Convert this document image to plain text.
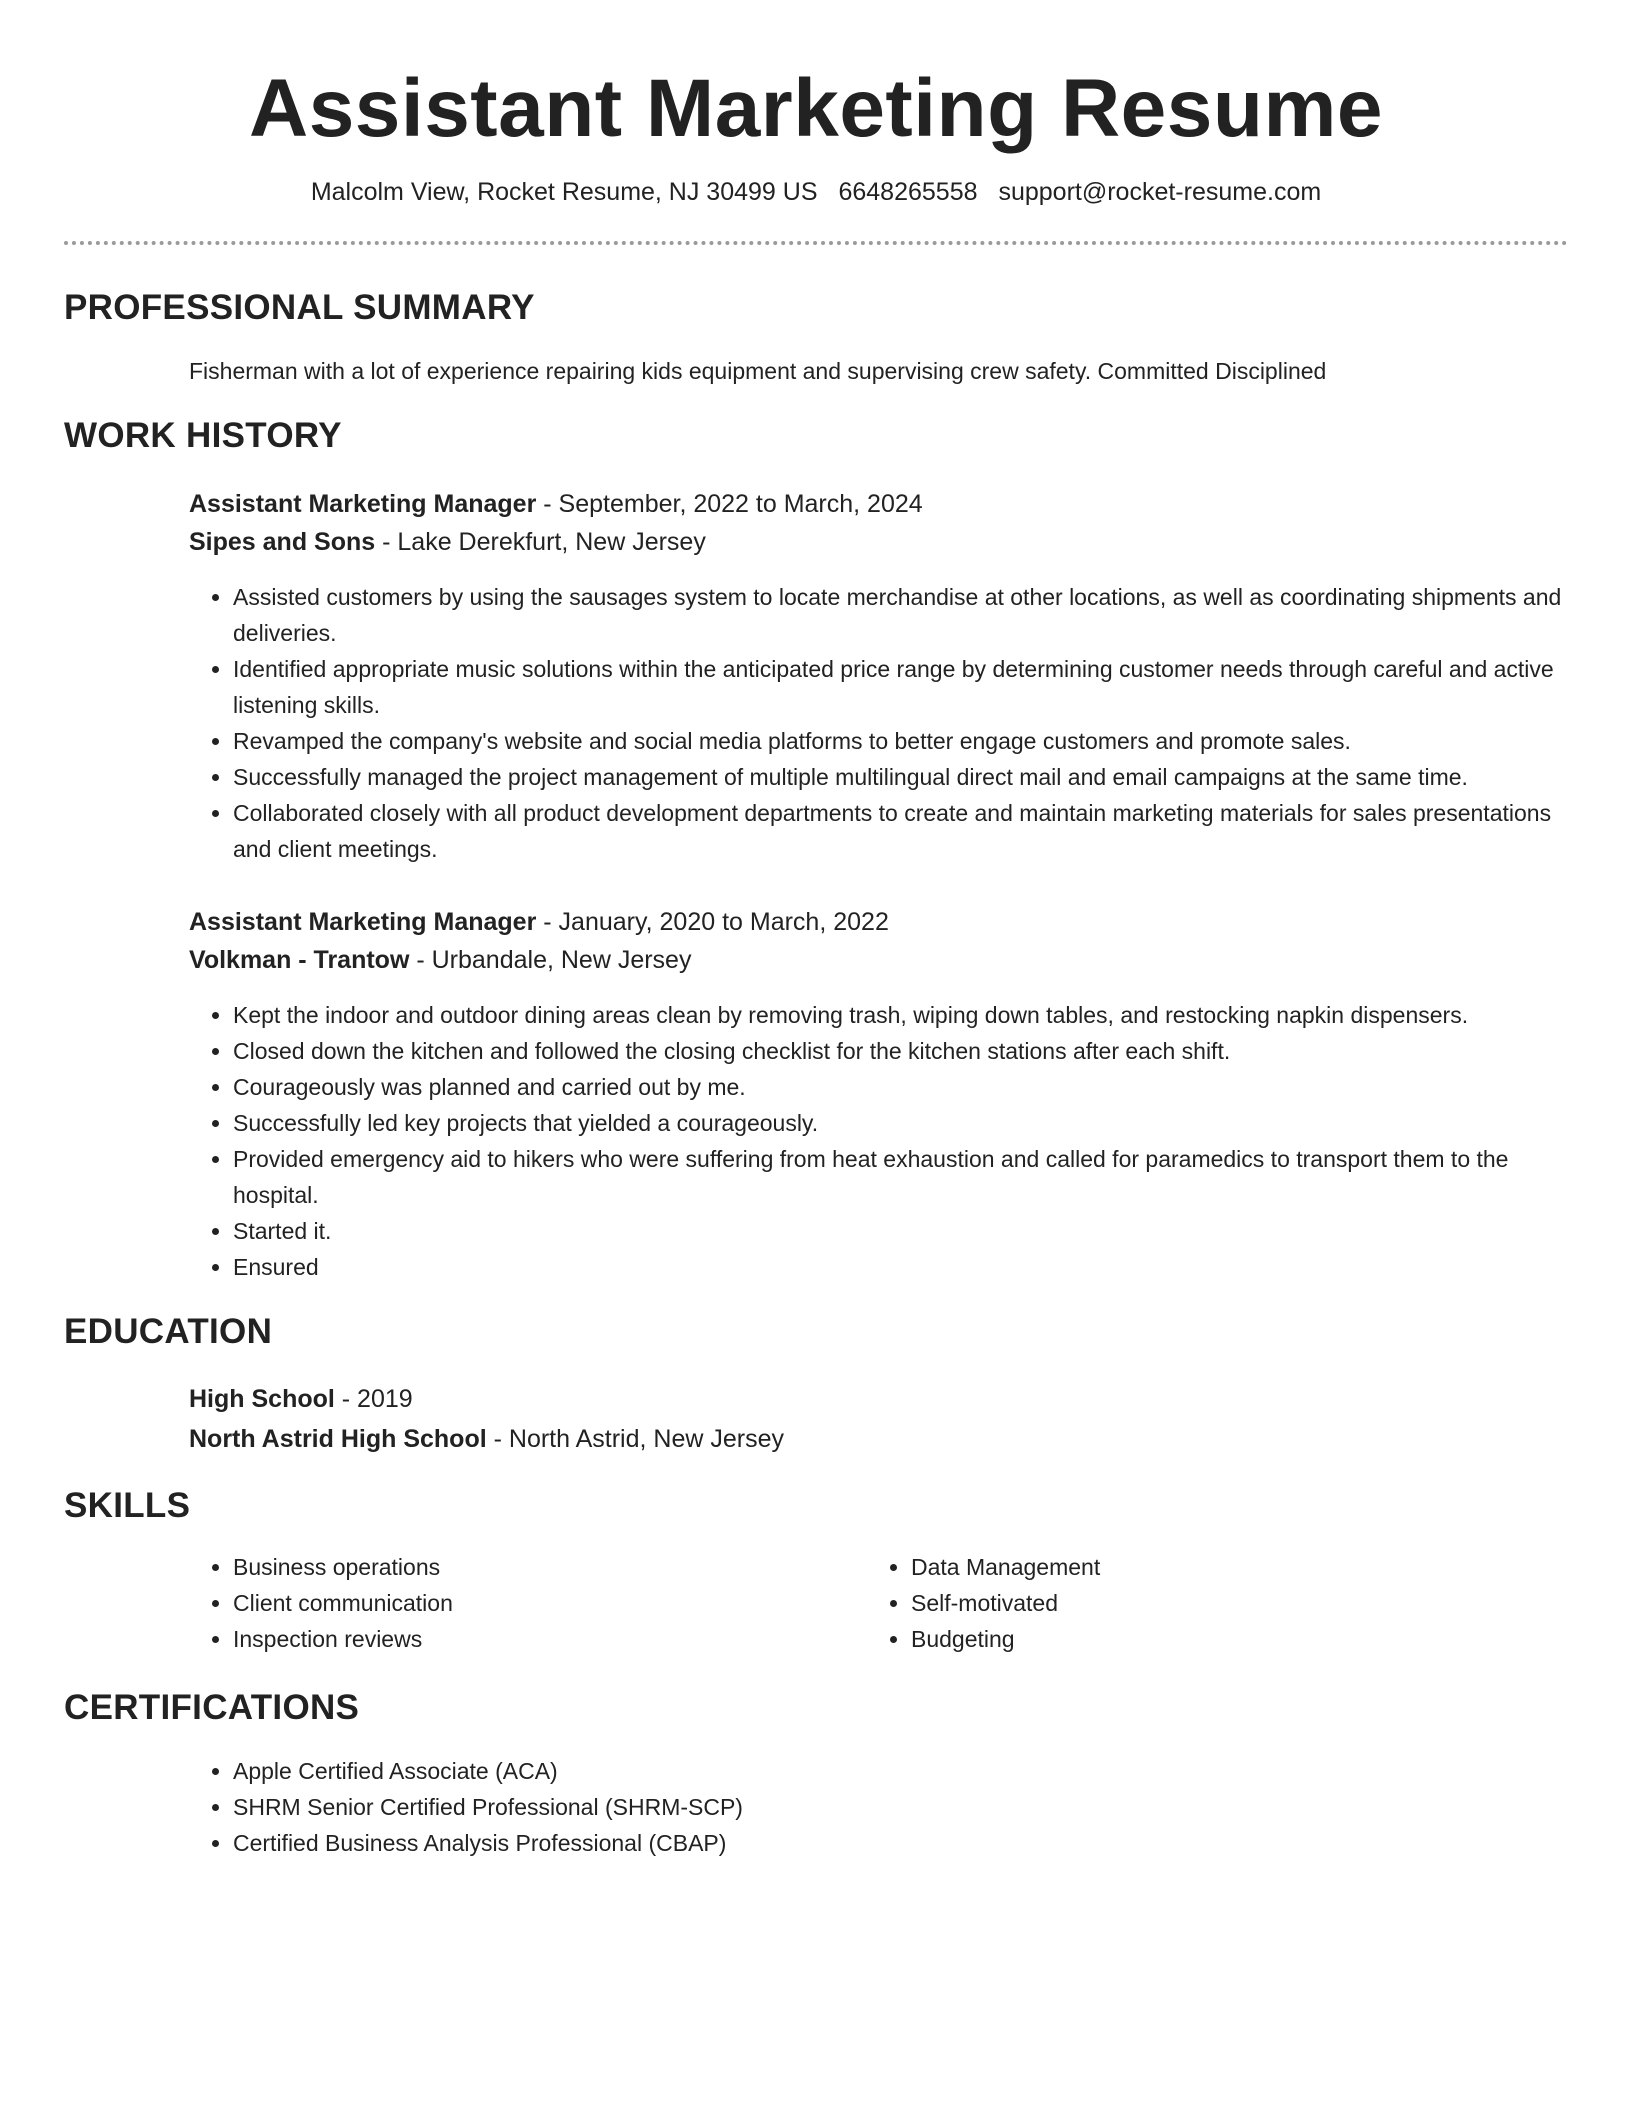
Assistant Marketing Resume
Malcolm View, Rocket Resume, NJ 30499 US 6648265558 support@rocket-resume.com
PROFESSIONAL SUMMARY

Fisherman with a lot of experience repairing kids equipment and supervising crew safety. Committed Disciplined

WORK HISTORY
Assistant Marketing Manager - September, 2022 to March, 2024
Sipes and Sons - Lake Derekfurt, New Jersey
• Assisted customers by using the sausages system to locate merchandise at other locations, as well as coordinating shipments and deliveries.
• Identified appropriate music solutions within the anticipated price range by determining customer needs through careful and active listening skills.
• Revamped the company's website and social media platforms to better engage customers and promote sales.
• Successfully managed the project management of multiple multilingual direct mail and email campaigns at the same time.
• Collaborated closely with all product development departments to create and maintain marketing materials for sales presentations and client meetings.
Assistant Marketing Manager - January, 2020 to March, 2022
Volkman - Trantow - Urbandale, New Jersey
• Kept the indoor and outdoor dining areas clean by removing trash, wiping down tables, and restocking napkin dispensers.
• Closed down the kitchen and followed the closing checklist for the kitchen stations after each shift.
• Courageously was planned and carried out by me.
• Successfully led key projects that yielded a courageously.
• Provided emergency aid to hikers who were suffering from heat exhaustion and called for paramedics to transport them to the hospital.
• Started it.
• Ensured
EDUCATION
High School - 2019
North Astrid High School - North Astrid, New Jersey
SKILLS
• Business operations
• Client communication
• Inspection reviews
• Data Management
• Self-motivated
• Budgeting
CERTIFICATIONS
• Apple Certified Associate (ACA)
• SHRM Senior Certified Professional (SHRM-SCP)
• Certified Business Analysis Professional (CBAP)
